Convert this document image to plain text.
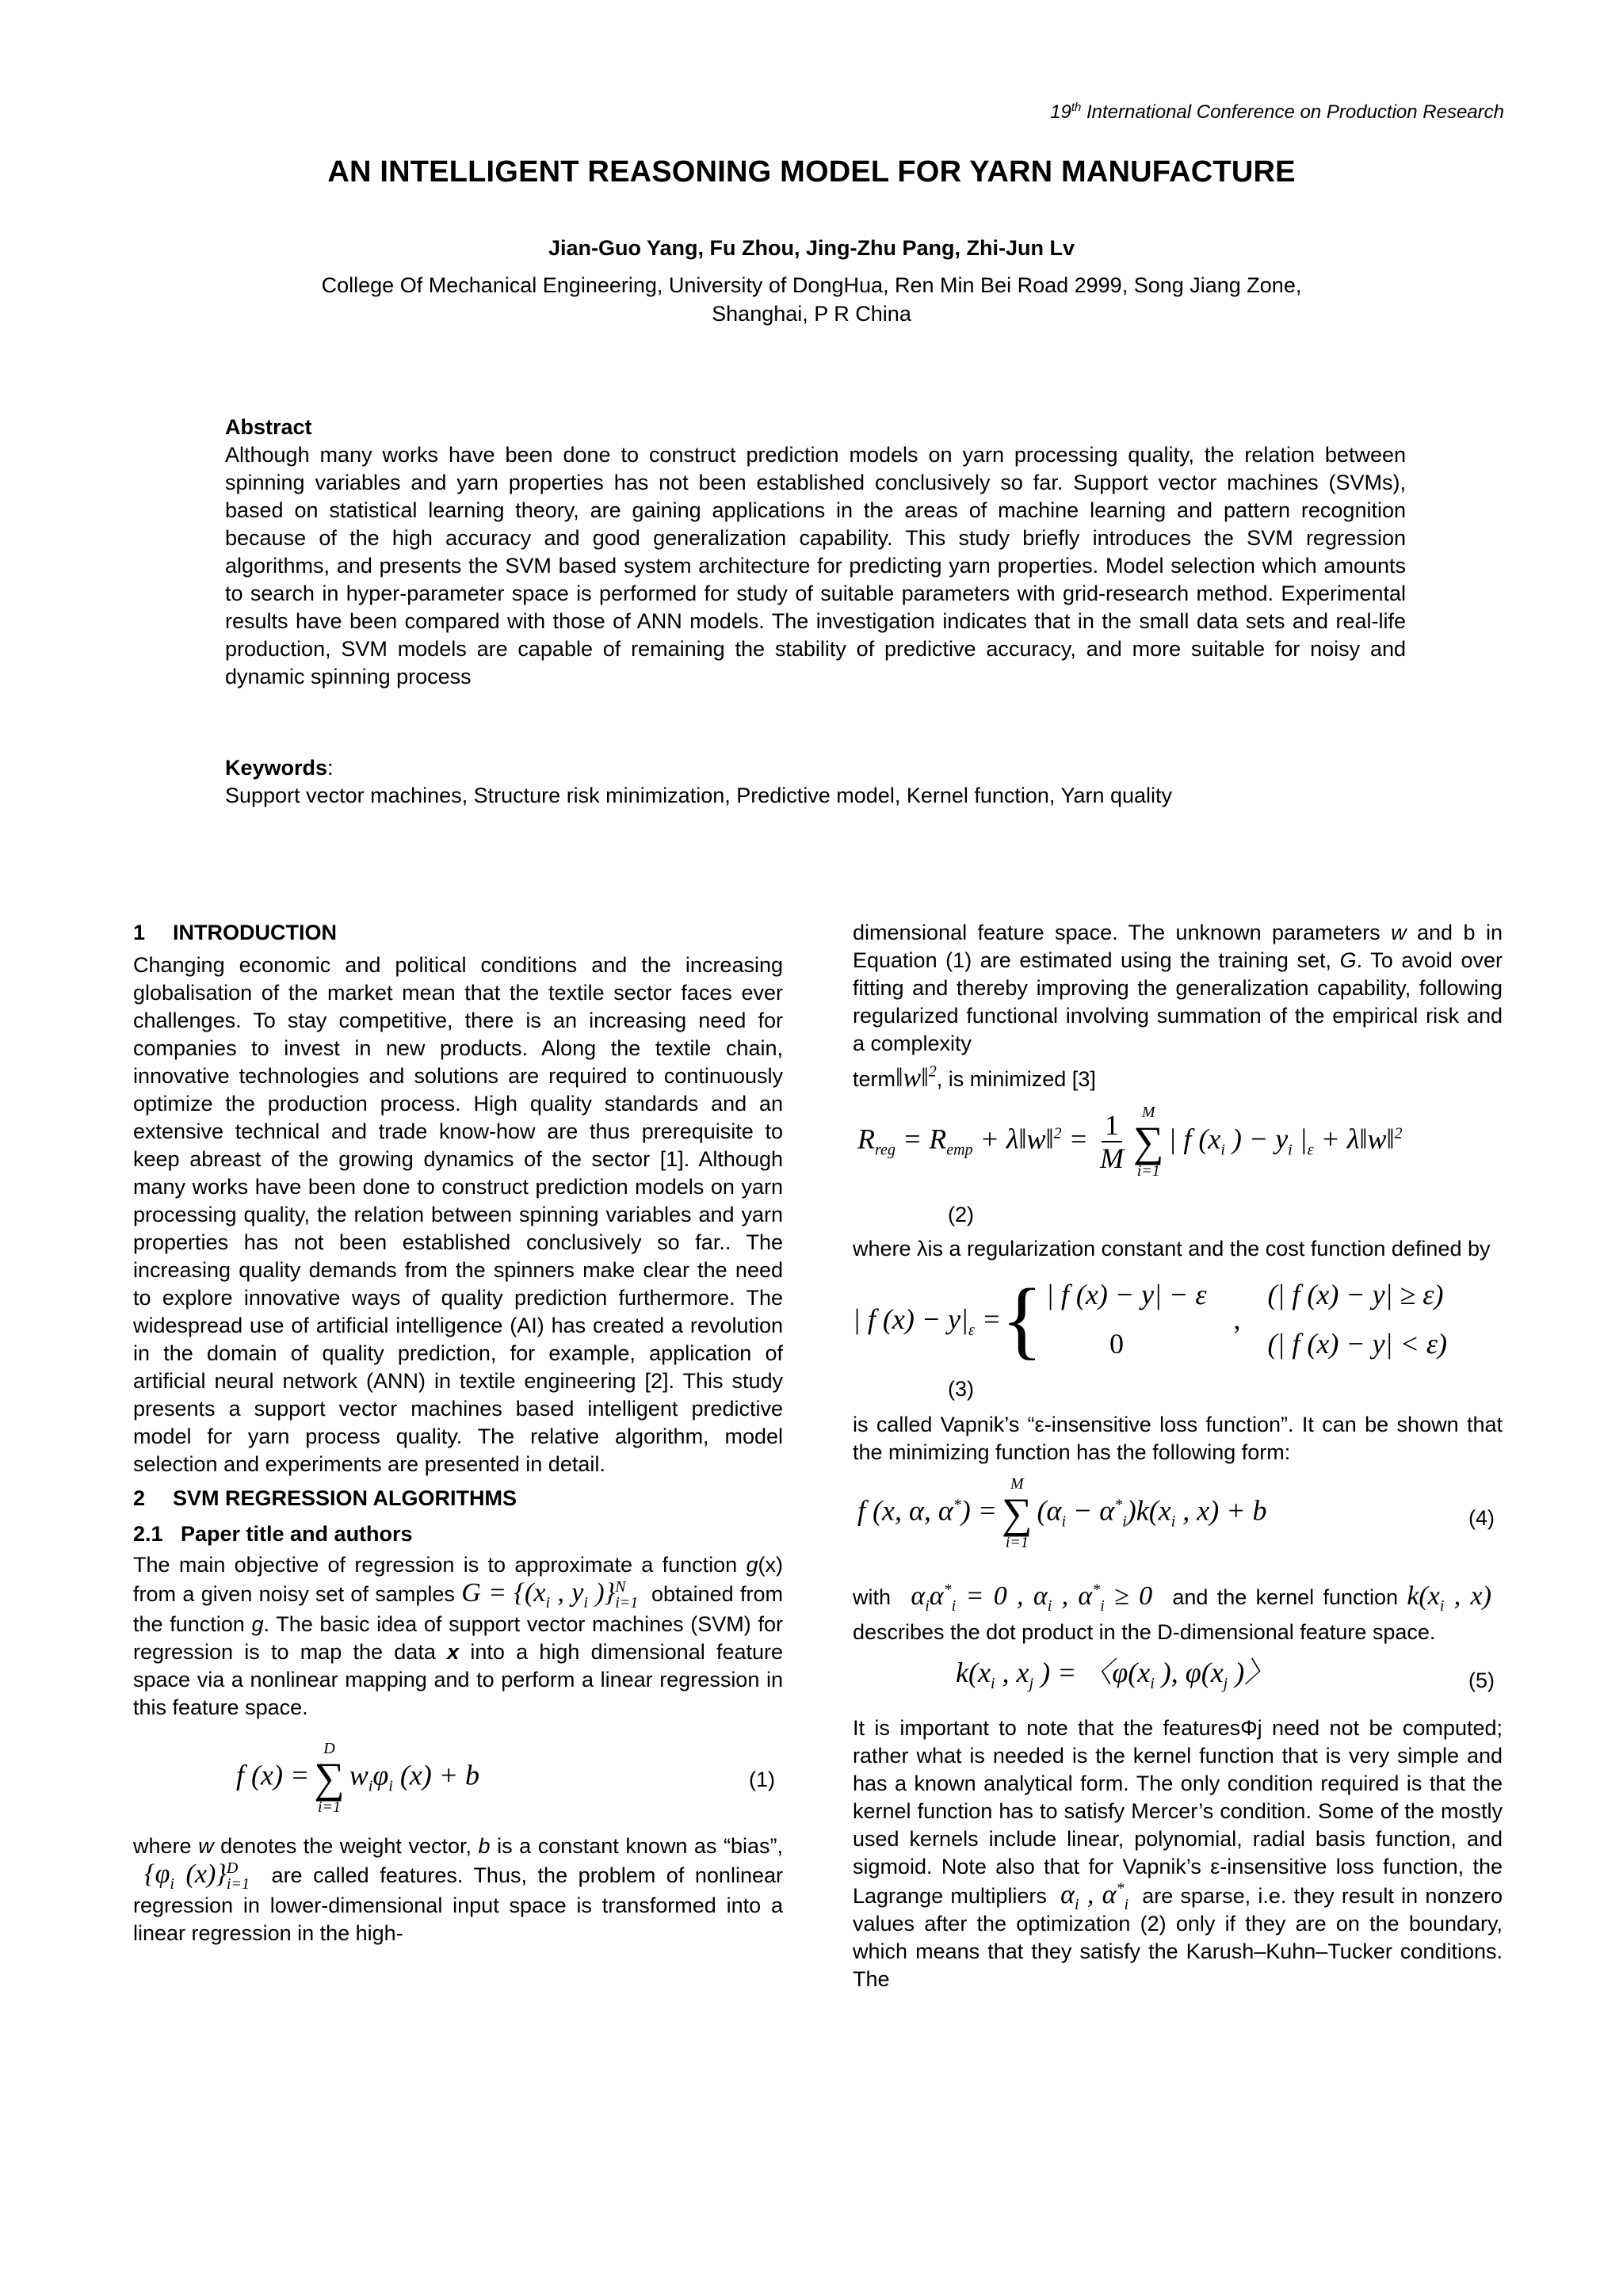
19th International Conference on Production Research
AN INTELLIGENT REASONING MODEL FOR YARN MANUFACTURE
Jian-Guo Yang, Fu Zhou, Jing-Zhu Pang, Zhi-Jun Lv
College Of Mechanical Engineering, University of DongHua, Ren Min Bei Road 2999, Song Jiang Zone,
Shanghai, P R China
Abstract

Although many works have been done to construct prediction models on yarn processing quality, the relation between spinning variables and yarn properties has not been established conclusively so far. Support vector machines (SVMs), based on statistical learning theory, are gaining applications in the areas of machine learning and pattern recognition because of the high accuracy and good generalization capability. This study briefly introduces the SVM regression algorithms, and presents the SVM based system architecture for predicting yarn properties. Model selection which amounts to search in hyper-parameter space is performed for study of suitable parameters with grid-research method. Experimental results have been compared with those of ANN models. The investigation indicates that in the small data sets and real-life production, SVM models are capable of remaining the stability of predictive accuracy, and more suitable for noisy and dynamic spinning process

Keywords:

Support vector machines, Structure risk minimization, Predictive model, Kernel function, Yarn quality

1 INTRODUCTION

Changing economic and political conditions and the increasing globalisation of the market mean that the textile sector faces ever challenges. To stay competitive, there is an increasing need for companies to invest in new products. Along the textile chain, innovative technologies and solutions are required to continuously optimize the production process. High quality standards and an extensive technical and trade know-how are thus prerequisite to keep abreast of the growing dynamics of the sector [1]. Although many works have been done to construct prediction models on yarn processing quality, the relation between spinning variables and yarn properties has not been established conclusively so far.. The increasing quality demands from the spinners make clear the need to explore innovative ways of quality prediction furthermore. The widespread use of artificial intelligence (AI) has created a revolution in the domain of quality prediction, for example, application of artificial neural network (ANN) in textile engineering [2]. This study presents a support vector machines based intelligent predictive model for yarn process quality. The relative algorithm, model selection and experiments are presented in detail.

2 SVM REGRESSION ALGORITHMS
2.1 Paper title and authors

The main objective of regression is to approximate a function g(x) from a given noisy set of samples $G = \{(x_i$ , $y_i$ )} N
i=1 obtained from the function g. The basic idea of support vector machines (SVM) for regression is to map the data x into a high dimensional feature space via a nonlinear mapping and to perform a linear regression in this feature space.

f (x) =
D
∑
i=1
$w_i\varphi_i$ (x) + b	(1)

where w denotes the weight vector, b is a constant known as “bias”, {$\varphi_i$ (x)} D
i=1 are called features. Thus, the problem of nonlinear regression in lower-dimensional input space is transformed into a linear regression in the high-

dimensional feature space. The unknown parameters w and b in Equation (1) are estimated using the training set, G. To avoid over fitting and thereby improving the generalization capability, following regularized functional involving summation of the empirical risk and a complexity

term‖w‖$^2$, is minimized [3]

$R_{reg} = R_{emp}$ + λ‖w‖$^2$ = $\frac{1}{M}$ M
∑
i=1
| f ($x_i$ ) − $y_i$ $|_\varepsilon$ + λ‖w‖$^2$
(2)

where λis a regularization constant and the cost function defined by

| f $(x) - y|_\varepsilon$ = { | f (x) − y| − ε
0
,
(| f (x) − y| ≥ ε)
(| f (x) − y| < ε)
(3)

is called Vapnik’s “ε-insensitive loss function”. It can be shown that the minimizing function has the following form:

f (x, α, α*) =
M
∑
i=1
$(\alpha_i - \alpha^*_i)k(x_i$ , x) + b	(4)

with $\alpha_i\alpha^*_i = 0$ , $\alpha_i$ , $\alpha^*_i \ge 0$ and the kernel function $k(x_i$ , x) describes the dot product in the D-dimensional feature space.

$k(x_i$ , $x_j$ ) = 〈$\varphi(x_i$ ), $\varphi(x_j$ )〉	(5)

It is important to note that the featuresΦj need not be computed; rather what is needed is the kernel function that is very simple and has a known analytical form. The only condition required is that the kernel function has to satisfy Mercer’s condition. Some of the mostly used kernels include linear, polynomial, radial basis function, and sigmoid. Note also that for Vapnik’s ε-insensitive loss function, the Lagrange multipliers $\alpha_i$ , $\alpha^*_i$ are sparse, i.e. they result in nonzero values after the optimization (2) only if they are on the boundary, which means that they satisfy the Karush–Kuhn–Tucker conditions. The
